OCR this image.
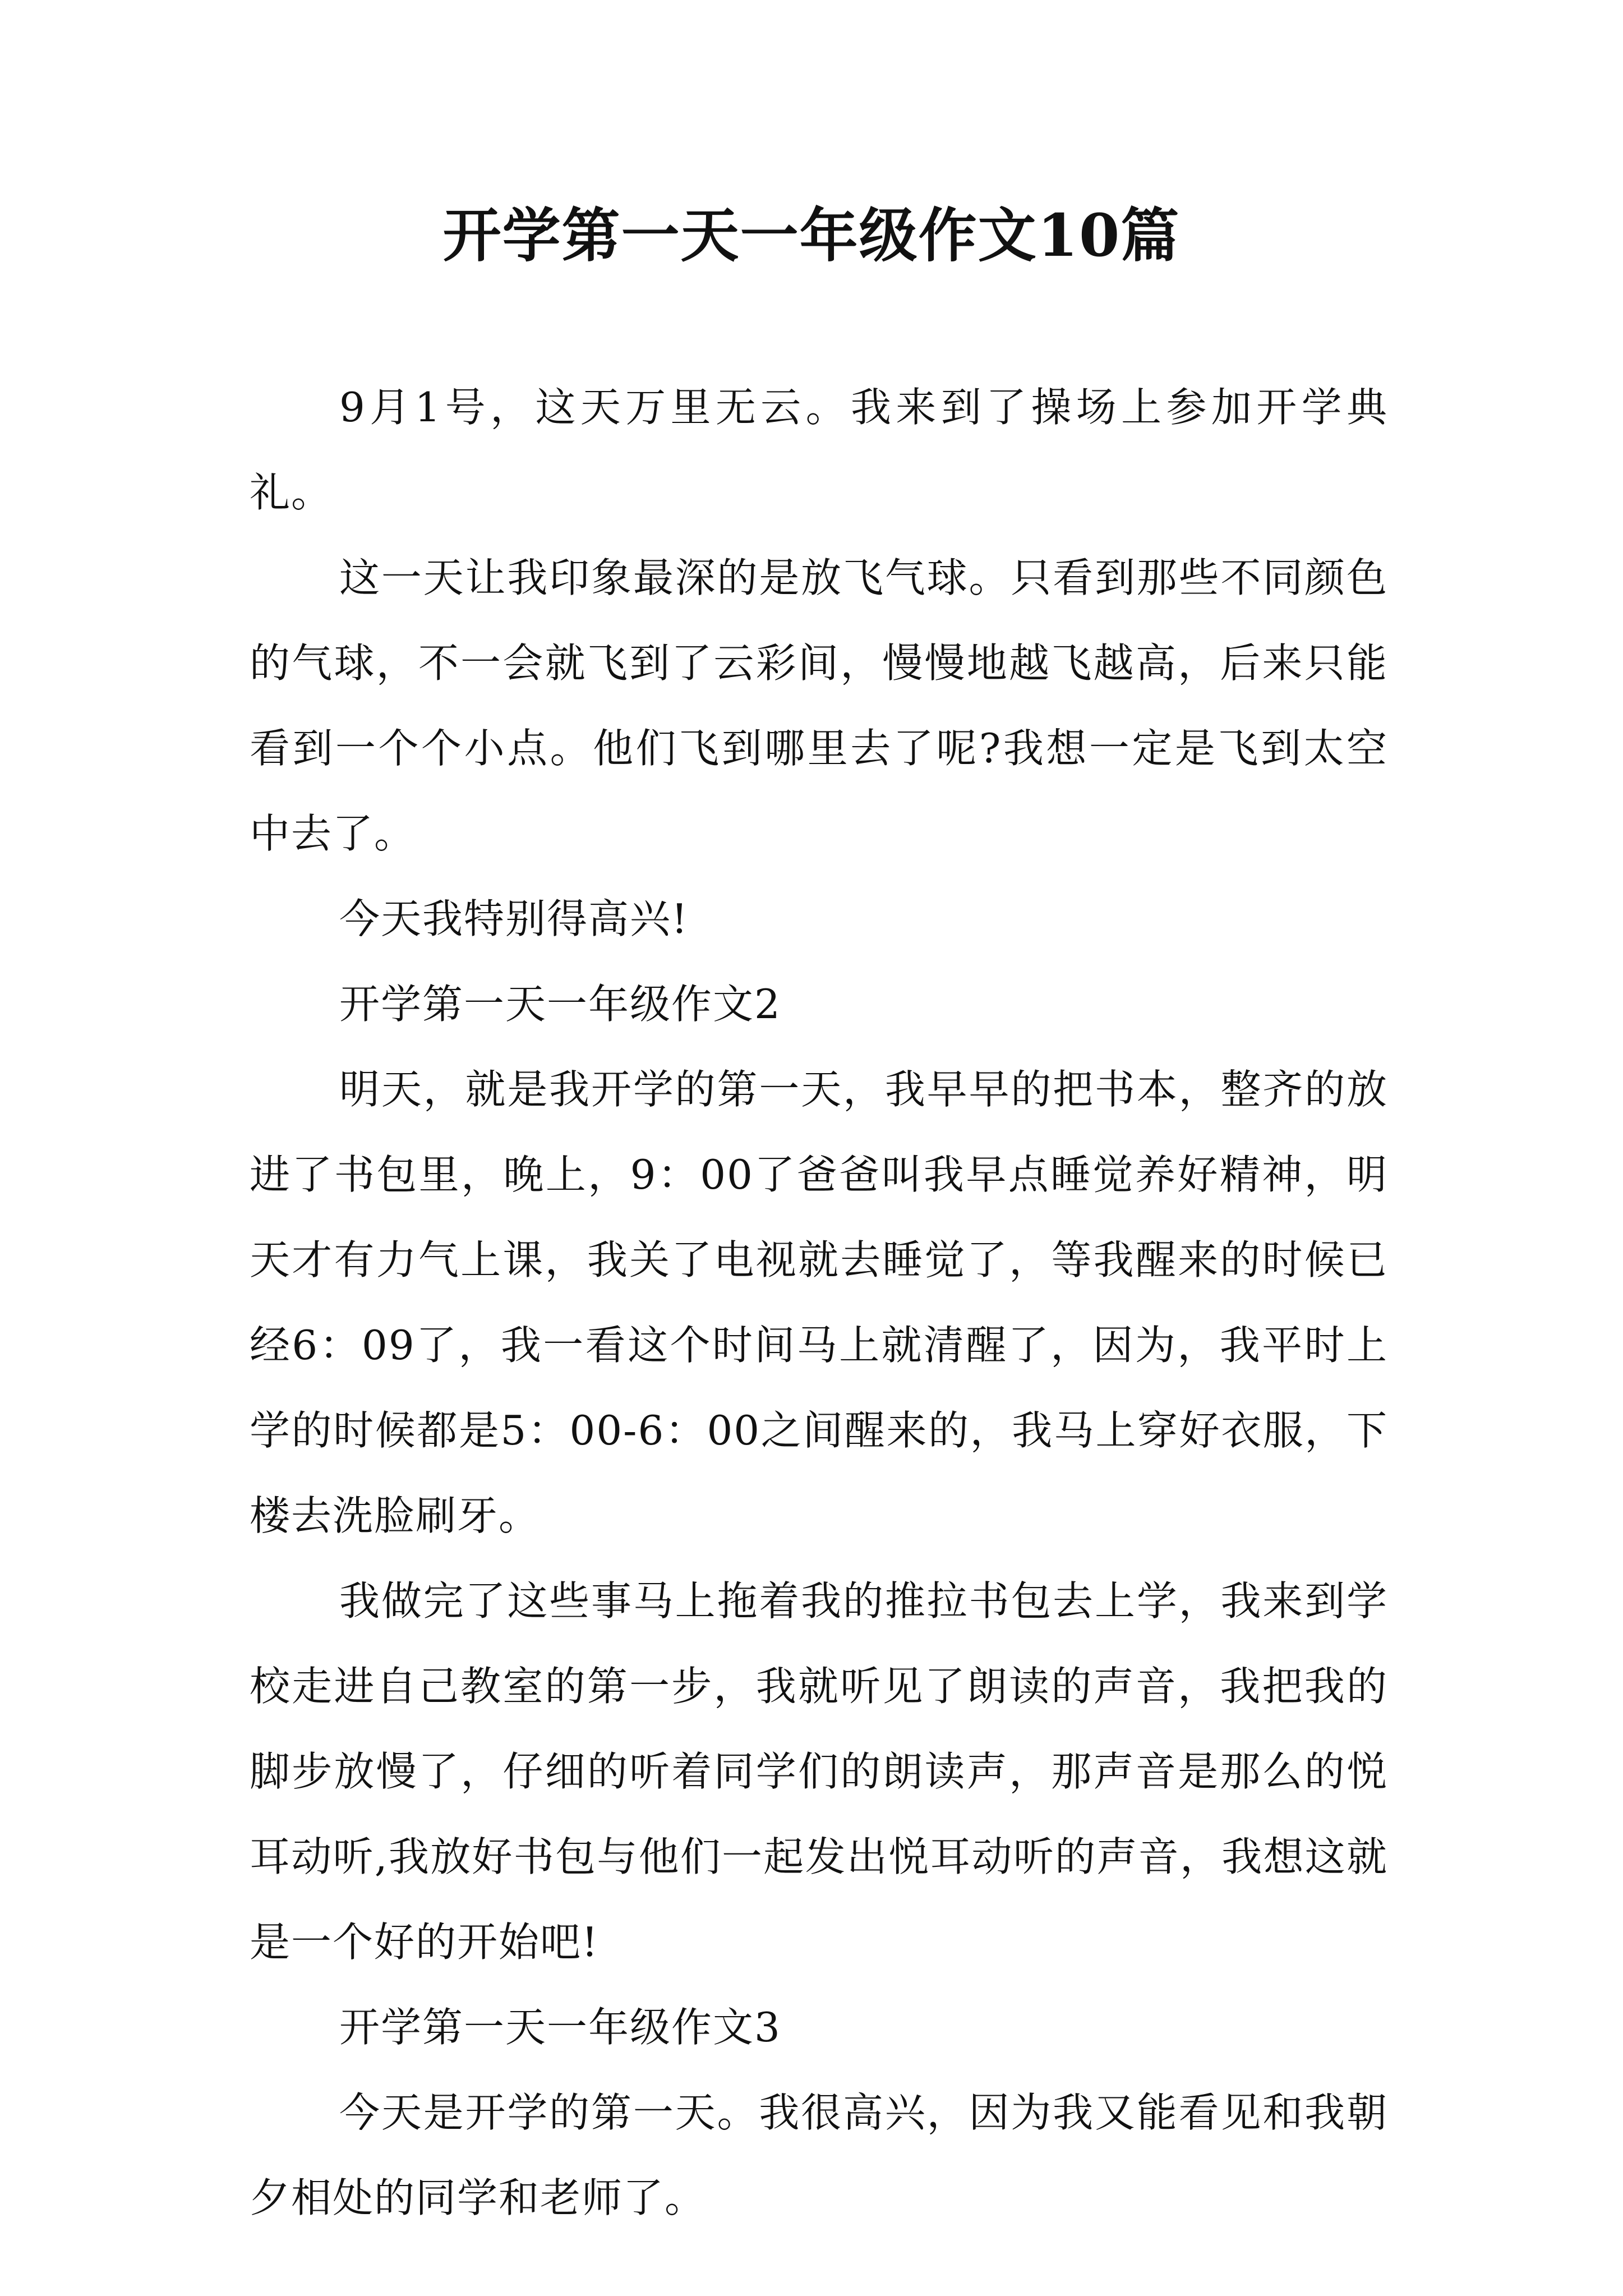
开学第一天一年级作文10篇

9月1号，这天万里无云。我来到了操场上参加开学典礼。

这一天让我印象最深的是放飞气球。只看到那些不同颜色的气球，不一会就飞到了云彩间，慢慢地越飞越高，后来只能看到一个个小点。他们飞到哪里去了呢?我想一定是飞到太空中去了。

今天我特别得高兴!

开学第一天一年级作文2

明天，就是我开学的第一天，我早早的把书本，整齐的放进了书包里，晚上，9：00了爸爸叫我早点睡觉养好精神，明天才有力气上课，我关了电视就去睡觉了，等我醒来的时候已经6：09了，我一看这个时间马上就清醒了，因为，我平时上学的时候都是5：00-6：00之间醒来的，我马上穿好衣服，下楼去洗脸刷牙。

我做完了这些事马上拖着我的推拉书包去上学，我来到学校走进自己教室的第一步，我就听见了朗读的声音，我把我的脚步放慢了，仔细的听着同学们的朗读声，那声音是那么的悦耳动听,我放好书包与他们一起发出悦耳动听的声音，我想这就是一个好的开始吧!

开学第一天一年级作文3

今天是开学的第一天。我很高兴，因为我又能看见和我朝夕相处的同学和老师了。
